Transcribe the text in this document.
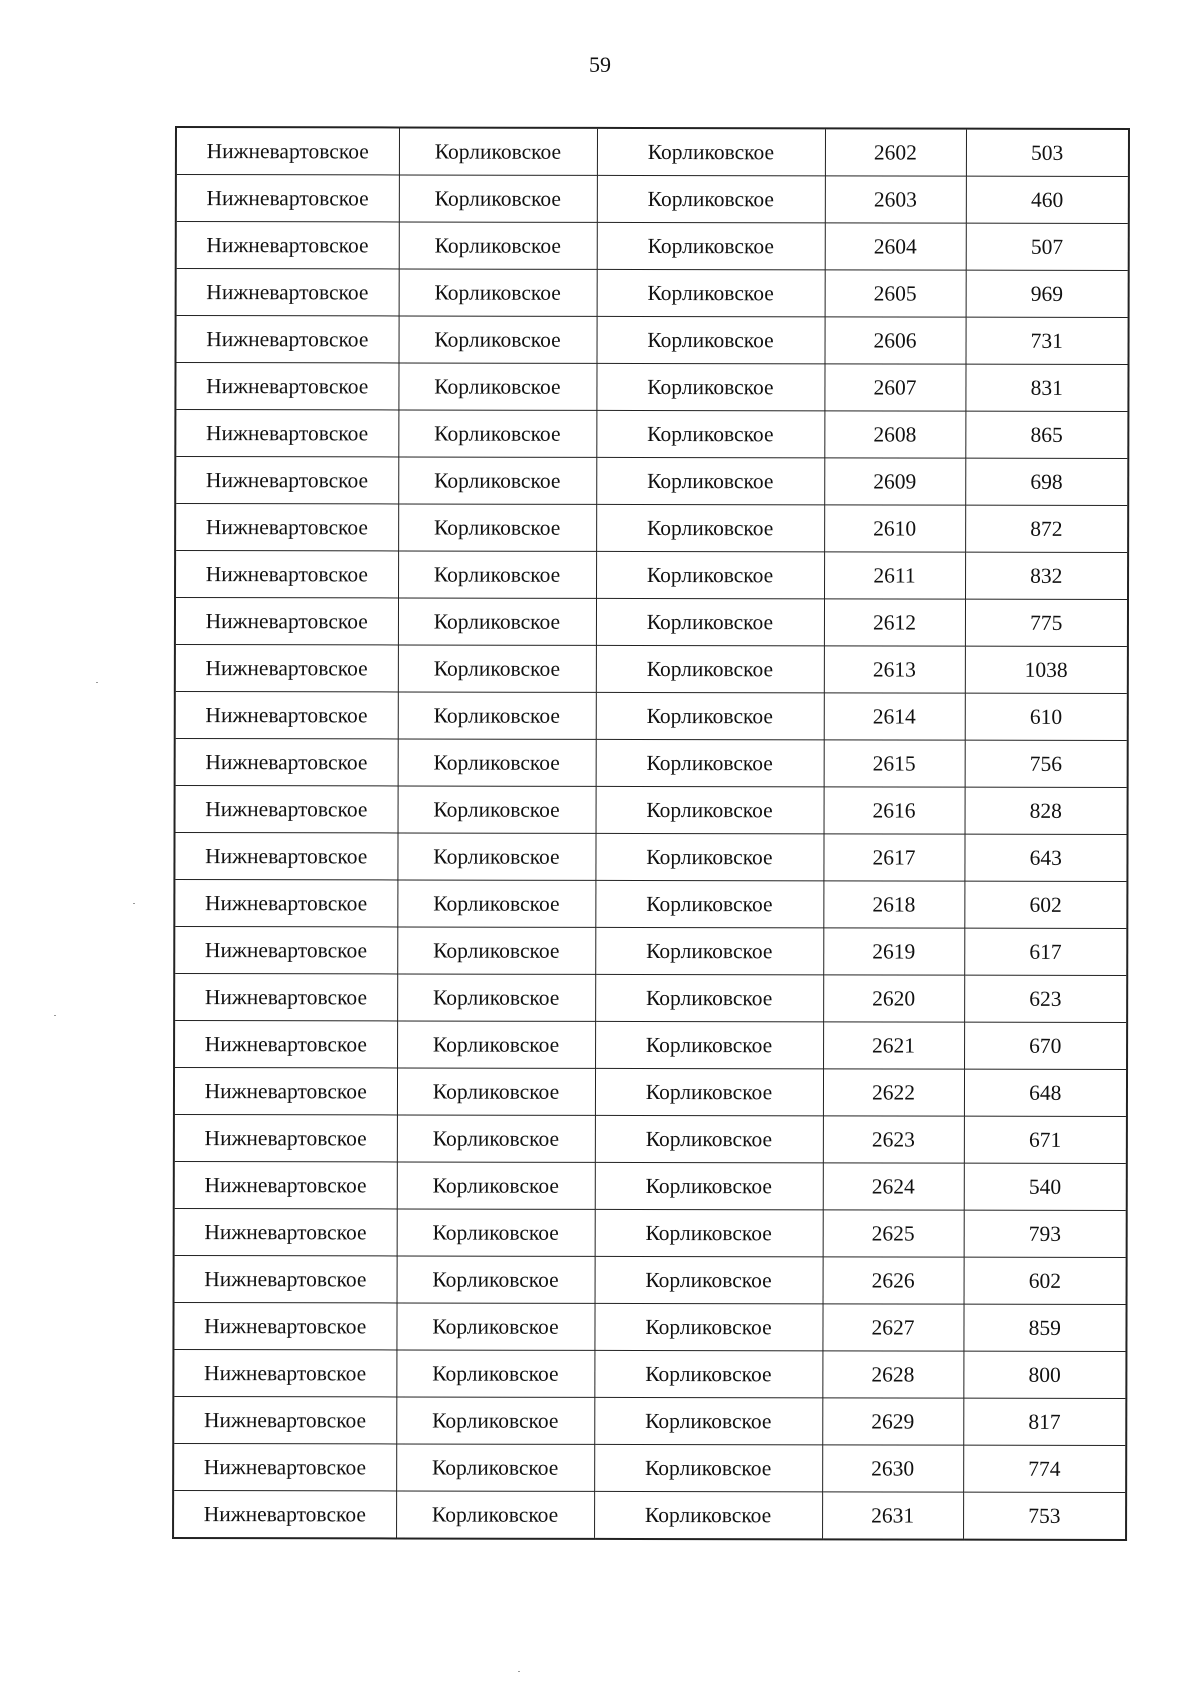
59
Нижневартовское	Корликовское	Корликовское	2602	503
Нижневартовское	Корликовское	Корликовское	2603	460
Нижневартовское	Корликовское	Корликовское	2604	507
Нижневартовское	Корликовское	Корликовское	2605	969
Нижневартовское	Корликовское	Корликовское	2606	731
Нижневартовское	Корликовское	Корликовское	2607	831
Нижневартовское	Корликовское	Корликовское	2608	865
Нижневартовское	Корликовское	Корликовское	2609	698
Нижневартовское	Корликовское	Корликовское	2610	872
Нижневартовское	Корликовское	Корликовское	2611	832
Нижневартовское	Корликовское	Корликовское	2612	775
Нижневартовское	Корликовское	Корликовское	2613	1038
Нижневартовское	Корликовское	Корликовское	2614	610
Нижневартовское	Корликовское	Корликовское	2615	756
Нижневартовское	Корликовское	Корликовское	2616	828
Нижневартовское	Корликовское	Корликовское	2617	643
Нижневартовское	Корликовское	Корликовское	2618	602
Нижневартовское	Корликовское	Корликовское	2619	617
Нижневартовское	Корликовское	Корликовское	2620	623
Нижневартовское	Корликовское	Корликовское	2621	670
Нижневартовское	Корликовское	Корликовское	2622	648
Нижневартовское	Корликовское	Корликовское	2623	671
Нижневартовское	Корликовское	Корликовское	2624	540
Нижневартовское	Корликовское	Корликовское	2625	793
Нижневартовское	Корликовское	Корликовское	2626	602
Нижневартовское	Корликовское	Корликовское	2627	859
Нижневартовское	Корликовское	Корликовское	2628	800
Нижневартовское	Корликовское	Корликовское	2629	817
Нижневартовское	Корликовское	Корликовское	2630	774
Нижневартовское	Корликовское	Корликовское	2631	753
